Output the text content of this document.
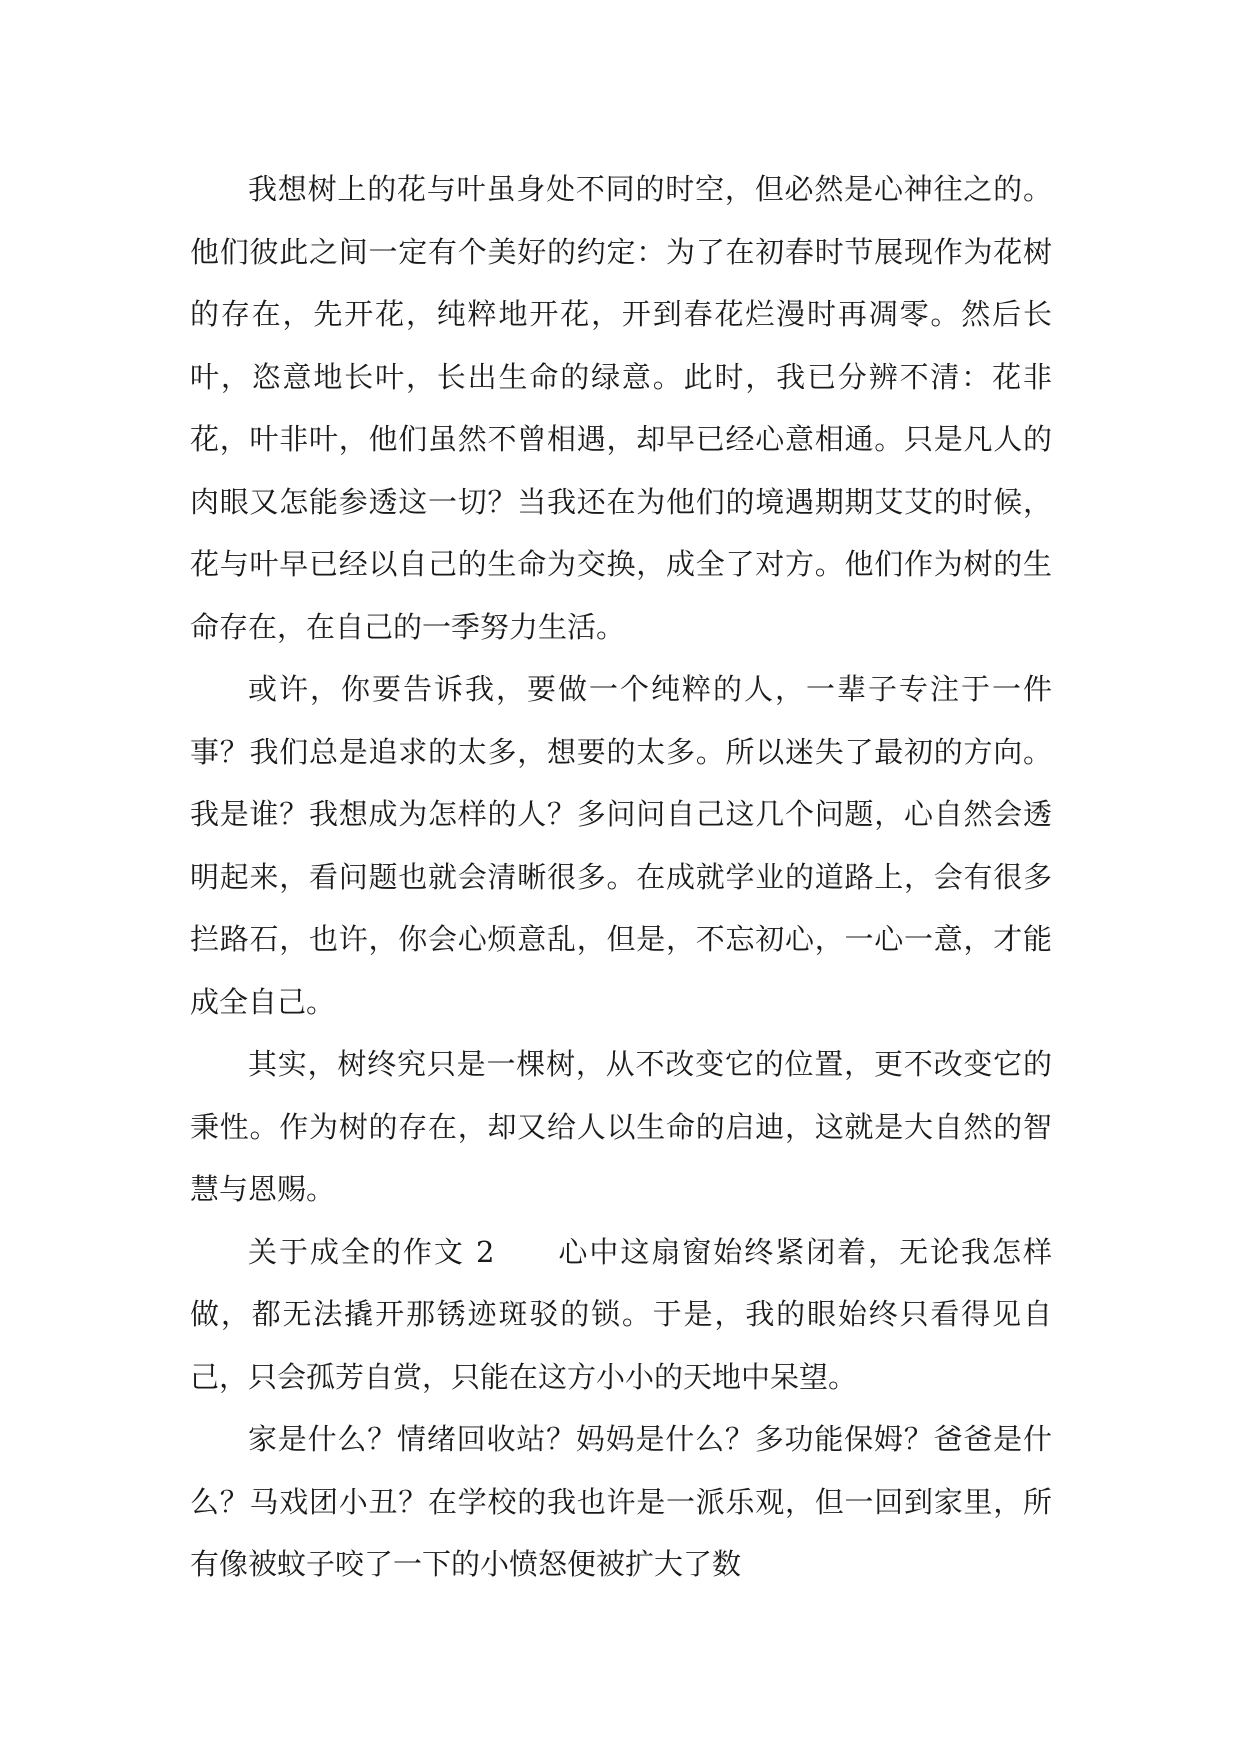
我想树上的花与叶虽身处不同的时空，但必然是心神往之的。他们彼此之间一定有个美好的约定：为了在初春时节展现作为花树的存在，先开花，纯粹地开花，开到春花烂漫时再凋零。然后长叶，恣意地长叶，长出生命的绿意。此时，我已分辨不清：花非花，叶非叶，他们虽然不曾相遇，却早已经心意相通。只是凡人的肉眼又怎能参透这一切？当我还在为他们的境遇期期艾艾的时候，花与叶早已经以自己的生命为交换，成全了对方。他们作为树的生命存在，在自己的一季努力生活。

或许，你要告诉我，要做一个纯粹的人，一辈子专注于一件事？我们总是追求的太多，想要的太多。所以迷失了最初的方向。我是谁？我想成为怎样的人？多问问自己这几个问题，心自然会透明起来，看问题也就会清晰很多。在成就学业的道路上，会有很多拦路石，也许，你会心烦意乱，但是，不忘初心，一心一意，才能成全自己。

其实，树终究只是一棵树，从不改变它的位置，更不改变它的秉性。作为树的存在，却又给人以生命的启迪，这就是大自然的智慧与恩赐。

关于成全的作文 2 心中这扇窗始终紧闭着，无论我怎样做，都无法撬开那锈迹斑驳的锁。于是，我的眼始终只看得见自己，只会孤芳自赏，只能在这方小小的天地中呆望。

家是什么？情绪回收站？妈妈是什么？多功能保姆？爸爸是什么？马戏团小丑？在学校的我也许是一派乐观，但一回到家里，所有像被蚊子咬了一下的小愤怒便被扩大了数
